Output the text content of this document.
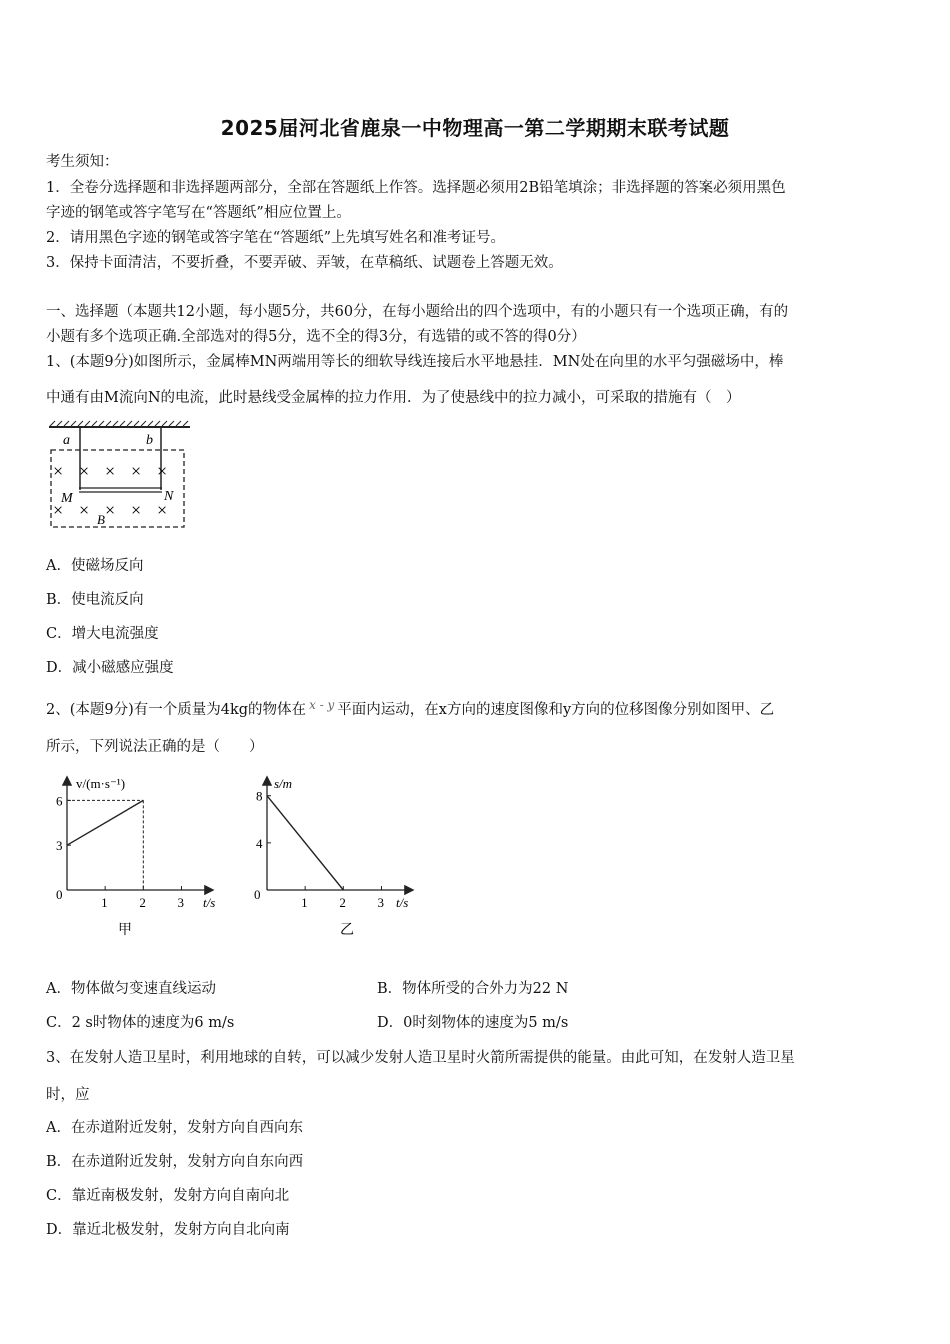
2025届河北省鹿泉一中物理高一第二学期期末联考试题
考生须知：
1．全卷分选择题和非选择题两部分，全部在答题纸上作答。选择题必须用2B铅笔填涂；非选择题的答案必须用黑色
字迹的钢笔或答字笔写在“答题纸”相应位置上。
2．请用黑色字迹的钢笔或答字笔在“答题纸”上先填写姓名和准考证号。
3．保持卡面清洁，不要折叠，不要弄破、弄皱，在草稿纸、试题卷上答题无效。
一、选择题（本题共12小题，每小题5分，共60分，在每小题给出的四个选项中，有的小题只有一个选项正确，有的
小题有多个选项正确.全部选对的得5分，选不全的得3分，有选错的或不答的得0分）
1、(本题9分)如图所示，金属棒MN两端用等长的细软导线连接后水平地悬挂．MN处在向里的水平匀强磁场中，棒
中通有由M流向N的电流，此时悬线受金属棒的拉力作用．为了使悬线中的拉力减小，可采取的措施有（　）
a	b
× × × × ×
× × × × ×
M	N
B
A．使磁场反向
B．使电流反向
C．增大电流强度
D．减小磁感应强度
2、(本题9分)有一个质量为4kg的物体在 $^{x - y}$ 平面内运动，在x方向的速度图像和y方向的位移图像分别如图甲、乙
所示，下列说法正确的是（　　）
v/(m·s⁻¹)
t/s
0
1 2 3
3
6
甲
s/m
t/s
0
1 2 3
4
8
乙
A．物体做匀变速直线运动	B．物体所受的合外力为22 N
C．2 s时物体的速度为6 m/s	D．0时刻物体的速度为5 m/s
3、在发射人造卫星时，利用地球的自转，可以减少发射人造卫星时火箭所需提供的能量。由此可知，在发射人造卫星
时，应
A．在赤道附近发射，发射方向自西向东
B．在赤道附近发射，发射方向自东向西
C．靠近南极发射，发射方向自南向北
D．靠近北极发射，发射方向自北向南
